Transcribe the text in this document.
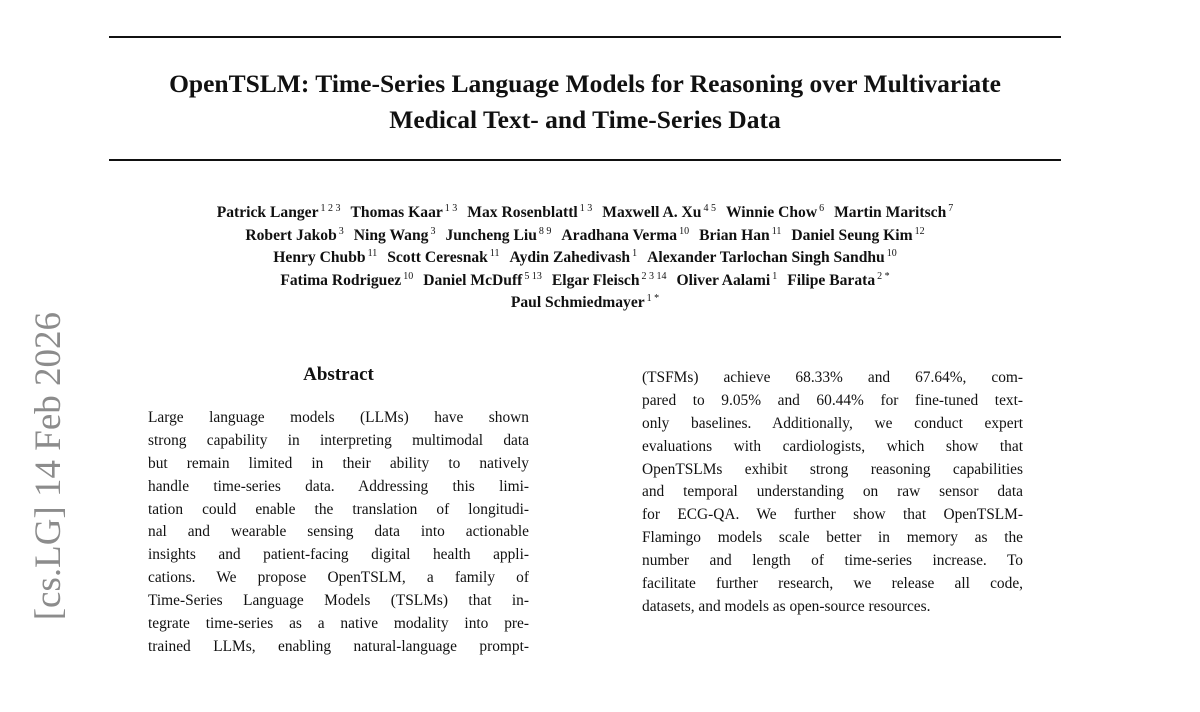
[cs.LG] 14 Feb 2026
OpenTSLM: Time-Series Language Models for Reasoning over Multivariate
Medical Text- and Time-Series Data
Patrick Langer $^{1 2 3}$ Thomas Kaar $^{1 3}$ Max Rosenblattl $^{1 3}$ Maxwell A. Xu $^{4 5}$ Winnie Chow $^6$ Martin Maritsch $^7$
Robert Jakob $^3$ Ning Wang $^3$ Juncheng Liu $^{8 9}$ Aradhana Verma $^{10}$ Brian Han $^{11}$ Daniel Seung Kim $^{12}$
Henry Chubb $^{11}$ Scott Ceresnak $^{11}$ Aydin Zahedivash $^1$ Alexander Tarlochan Singh Sandhu $^{10}$
Fatima Rodriguez $^{10}$ Daniel McDuff $^{5 13}$ Elgar Fleisch $^{2 3 14}$ Oliver Aalami $^1$ Filipe Barata $^{2 *}$
Paul Schmiedmayer $^{1 *}$
Abstract
Large language models (LLMs) have shown
strong capability in interpreting multimodal data
but remain limited in their ability to natively
handle time-series data. Addressing this limi-
tation could enable the translation of longitudi-
nal and wearable sensing data into actionable
insights and patient-facing digital health appli-
cations. We propose OpenTSLM, a family of
Time-Series Language Models (TSLMs) that in-
tegrate time-series as a native modality into pre-
trained LLMs, enabling natural-language prompt-
(TSFMs) achieve 68.33% and 67.64%, com-
pared to 9.05% and 60.44% for fine-tuned text-
only baselines. Additionally, we conduct expert
evaluations with cardiologists, which show that
OpenTSLMs exhibit strong reasoning capabilities
and temporal understanding on raw sensor data
for ECG-QA. We further show that OpenTSLM-
Flamingo models scale better in memory as the
number and length of time-series increase. To
facilitate further research, we release all code,
datasets, and models as open-source resources.
